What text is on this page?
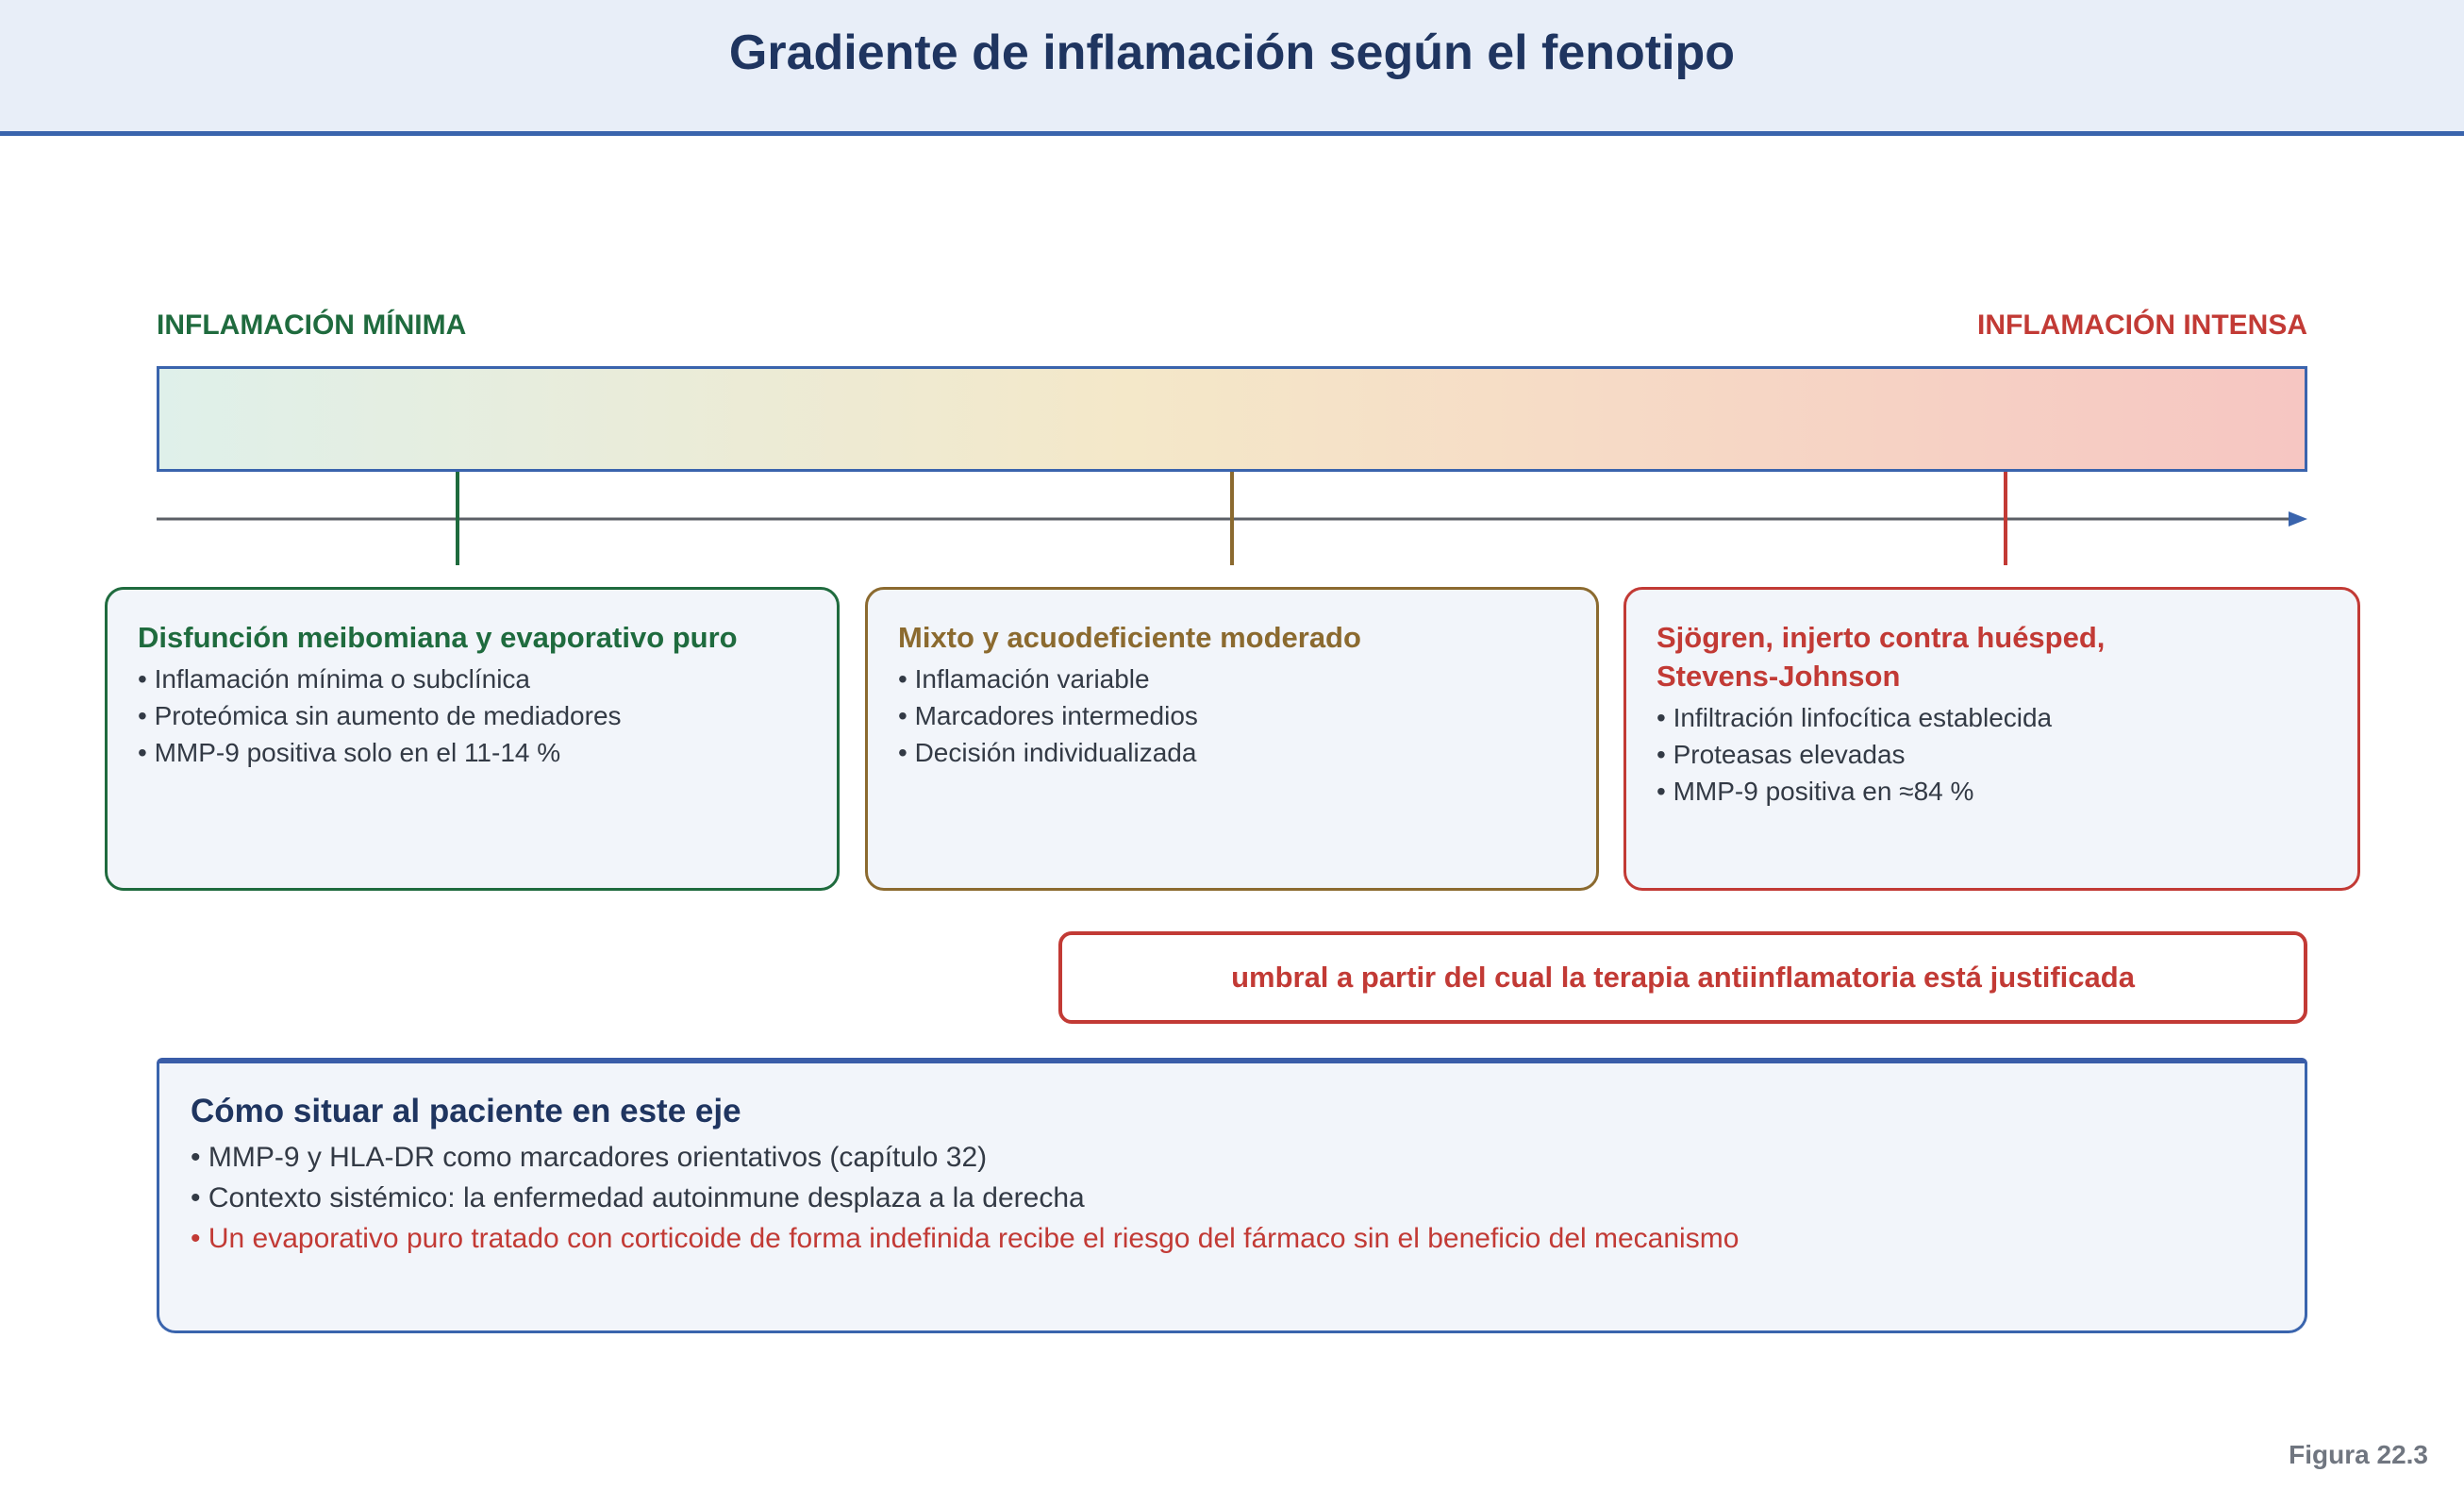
Gradiente de inflamación según el fenotipo
INFLAMACIÓN MÍNIMA	INFLAMACIÓN INTENSA
Disfunción meibomiana y evaporativo puro
• Inflamación mínima o subclínica
• Proteómica sin aumento de mediadores
• MMP-9 positiva solo en el 11-14 %
Mixto y acuodeficiente moderado
• Inflamación variable
• Marcadores intermedios
• Decisión individualizada
Sjögren, injerto contra huésped,
Stevens-Johnson
• Infiltración linfocítica establecida
• Proteasas elevadas
• MMP-9 positiva en ≈84 %
umbral a partir del cual la terapia antiinflamatoria está justificada
Cómo situar al paciente en este eje
• MMP-9 y HLA-DR como marcadores orientativos (capítulo 32)
• Contexto sistémico: la enfermedad autoinmune desplaza a la derecha
• Un evaporativo puro tratado con corticoide de forma indefinida recibe el riesgo del fármaco sin el beneficio del mecanismo
Figura 22.3
